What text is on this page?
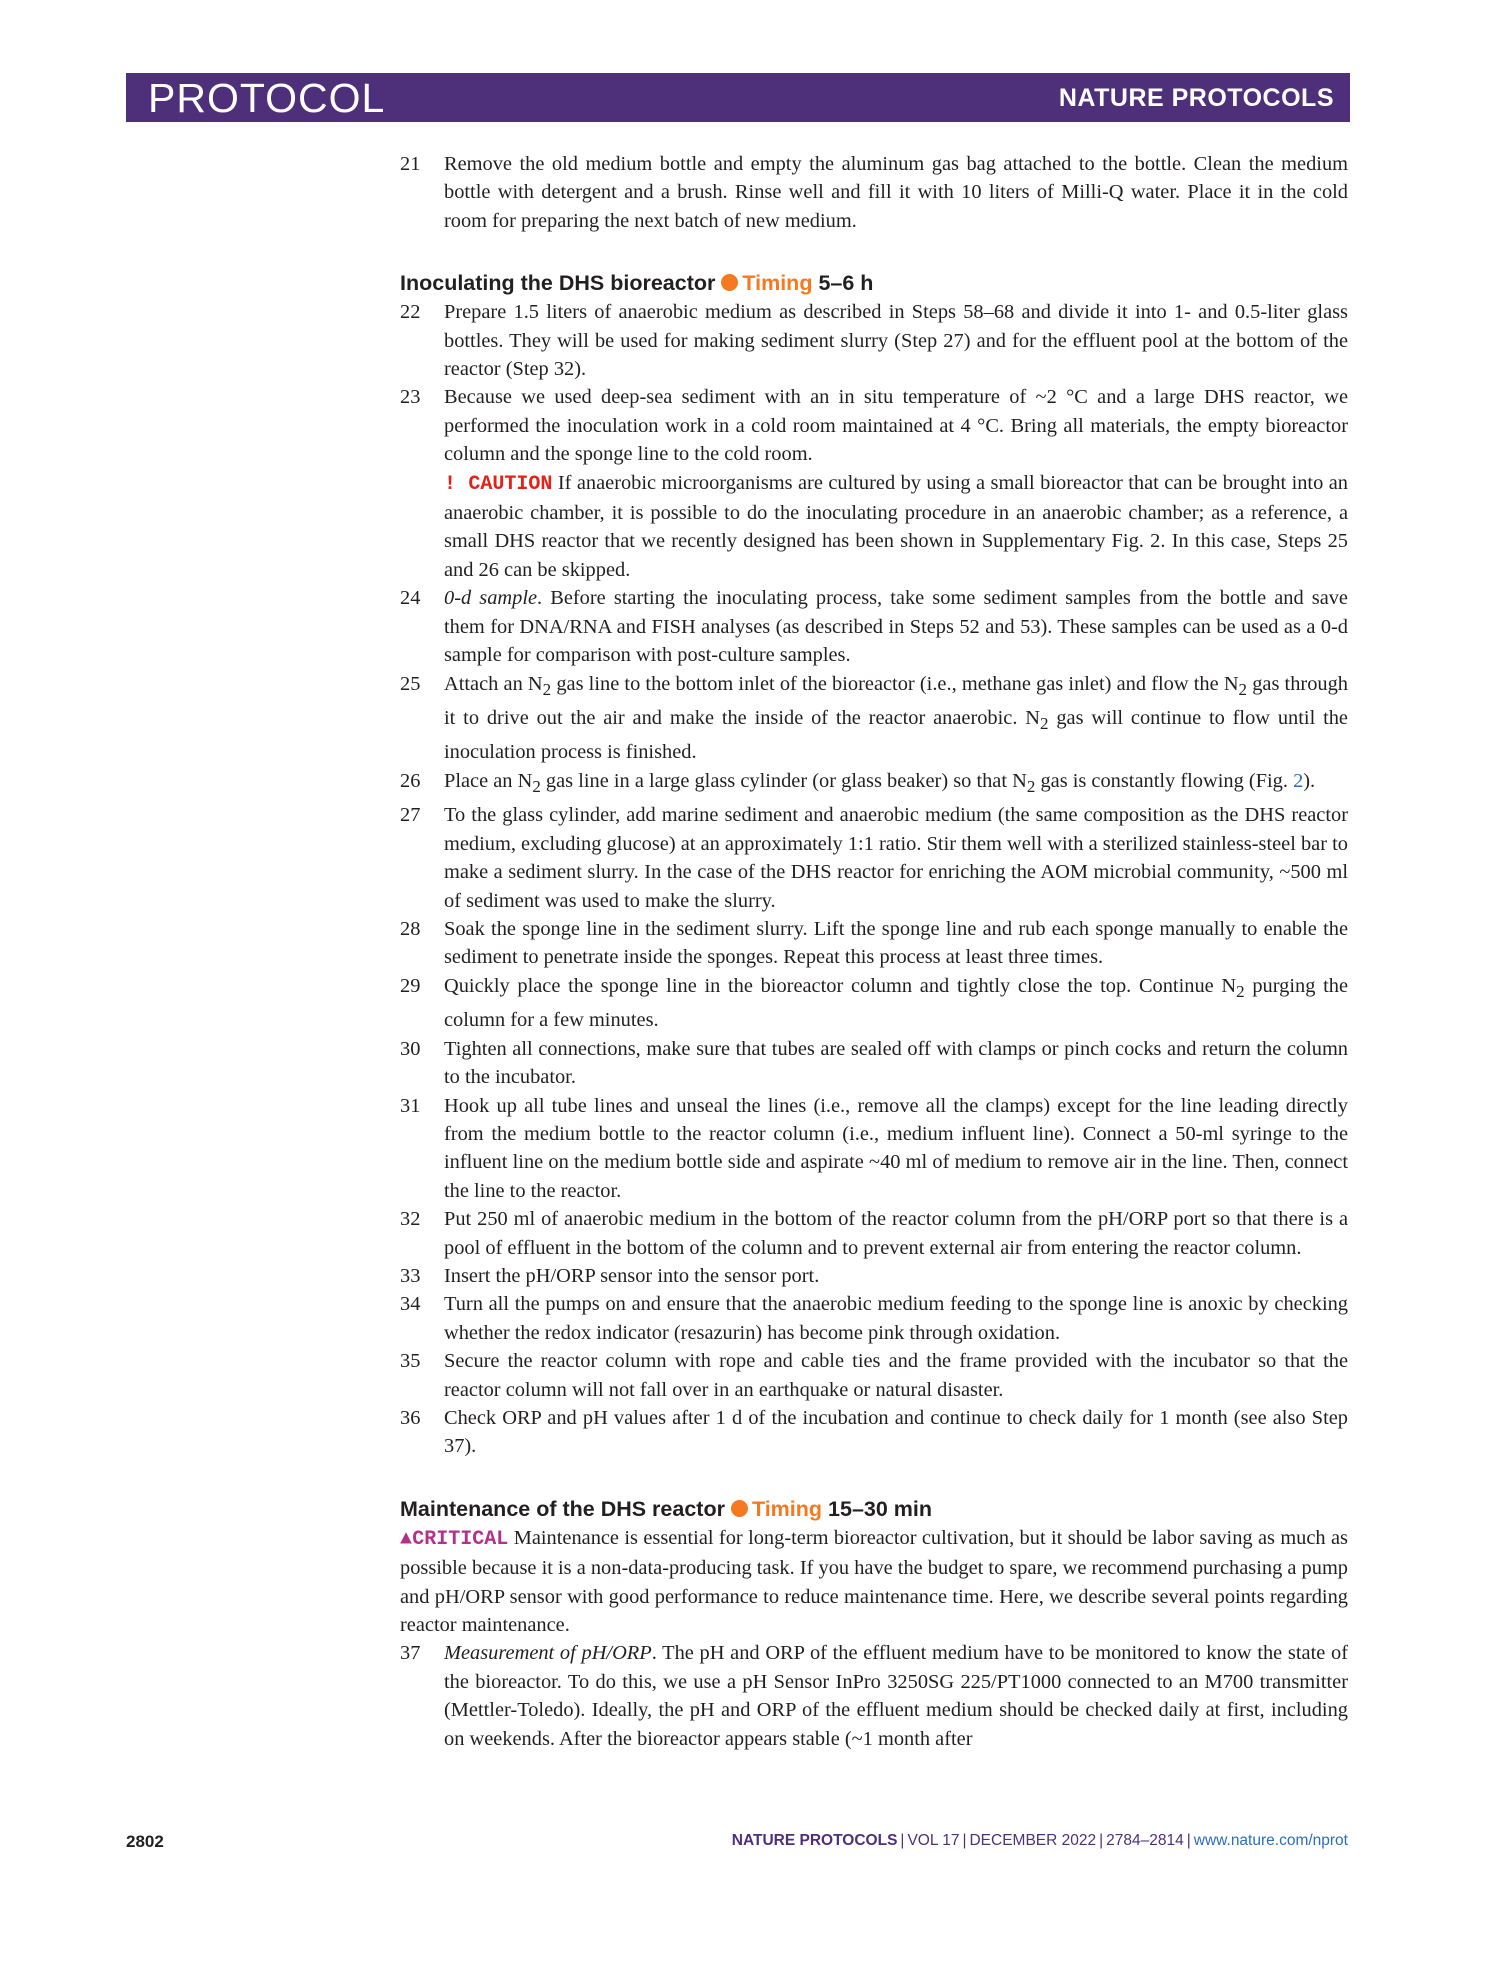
PROTOCOL	NATURE PROTOCOLS
21 Remove the old medium bottle and empty the aluminum gas bag attached to the bottle. Clean the medium bottle with detergent and a brush. Rinse well and fill it with 10 liters of Milli-Q water. Place it in the cold room for preparing the next batch of new medium.
Inoculating the DHS bioreactor Timing 5–6 h
22 Prepare 1.5 liters of anaerobic medium as described in Steps 58–68 and divide it into 1- and 0.5-liter glass bottles. They will be used for making sediment slurry (Step 27) and for the effluent pool at the bottom of the reactor (Step 32).
23 Because we used deep-sea sediment with an in situ temperature of ~2 °C and a large DHS reactor, we performed the inoculation work in a cold room maintained at 4 °C. Bring all materials, the empty bioreactor column and the sponge line to the cold room.
! CAUTION If anaerobic microorganisms are cultured by using a small bioreactor that can be brought into an anaerobic chamber, it is possible to do the inoculating procedure in an anaerobic chamber; as a reference, a small DHS reactor that we recently designed has been shown in Supplementary Fig. 2. In this case, Steps 25 and 26 can be skipped.
24 0-d sample. Before starting the inoculating process, take some sediment samples from the bottle and save them for DNA/RNA and FISH analyses (as described in Steps 52 and 53). These samples can be used as a 0-d sample for comparison with post-culture samples.
25 Attach an $N_2$ gas line to the bottom inlet of the bioreactor (i.e., methane gas inlet) and flow the $N_2$ gas through it to drive out the air and make the inside of the reactor anaerobic. $N_2$ gas will continue to flow until the inoculation process is finished.
26 Place an $N_2$ gas line in a large glass cylinder (or glass beaker) so that $N_2$ gas is constantly flowing (Fig. 2).
27 To the glass cylinder, add marine sediment and anaerobic medium (the same composition as the DHS reactor medium, excluding glucose) at an approximately 1:1 ratio. Stir them well with a sterilized stainless-steel bar to make a sediment slurry. In the case of the DHS reactor for enriching the AOM microbial community, ~500 ml of sediment was used to make the slurry.
28 Soak the sponge line in the sediment slurry. Lift the sponge line and rub each sponge manually to enable the sediment to penetrate inside the sponges. Repeat this process at least three times.
29 Quickly place the sponge line in the bioreactor column and tightly close the top. Continue $N_2$ purging the column for a few minutes.
30 Tighten all connections, make sure that tubes are sealed off with clamps or pinch cocks and return the column to the incubator.
31 Hook up all tube lines and unseal the lines (i.e., remove all the clamps) except for the line leading directly from the medium bottle to the reactor column (i.e., medium influent line). Connect a 50-ml syringe to the influent line on the medium bottle side and aspirate ~40 ml of medium to remove air in the line. Then, connect the line to the reactor.
32 Put 250 ml of anaerobic medium in the bottom of the reactor column from the pH/ORP port so that there is a pool of effluent in the bottom of the column and to prevent external air from entering the reactor column.
33 Insert the pH/ORP sensor into the sensor port.
34 Turn all the pumps on and ensure that the anaerobic medium feeding to the sponge line is anoxic by checking whether the redox indicator (resazurin) has become pink through oxidation.
35 Secure the reactor column with rope and cable ties and the frame provided with the incubator so that the reactor column will not fall over in an earthquake or natural disaster.
36 Check ORP and pH values after 1 d of the incubation and continue to check daily for 1 month (see also Step 37).
Maintenance of the DHS reactor Timing 15–30 min
▲CRITICAL Maintenance is essential for long-term bioreactor cultivation, but it should be labor saving as much as possible because it is a non-data-producing task. If you have the budget to spare, we recommend purchasing a pump and pH/ORP sensor with good performance to reduce maintenance time. Here, we describe several points regarding reactor maintenance.
37 Measurement of pH/ORP. The pH and ORP of the effluent medium have to be monitored to know the state of the bioreactor. To do this, we use a pH Sensor InPro 3250SG 225/PT1000 connected to an M700 transmitter (Mettler-Toledo). Ideally, the pH and ORP of the effluent medium should be checked daily at first, including on weekends. After the bioreactor appears stable (~1 month after
2802	NATURE PROTOCOLS | VOL 17 | DECEMBER 2022 | 2784–2814 | www.nature.com/nprot
